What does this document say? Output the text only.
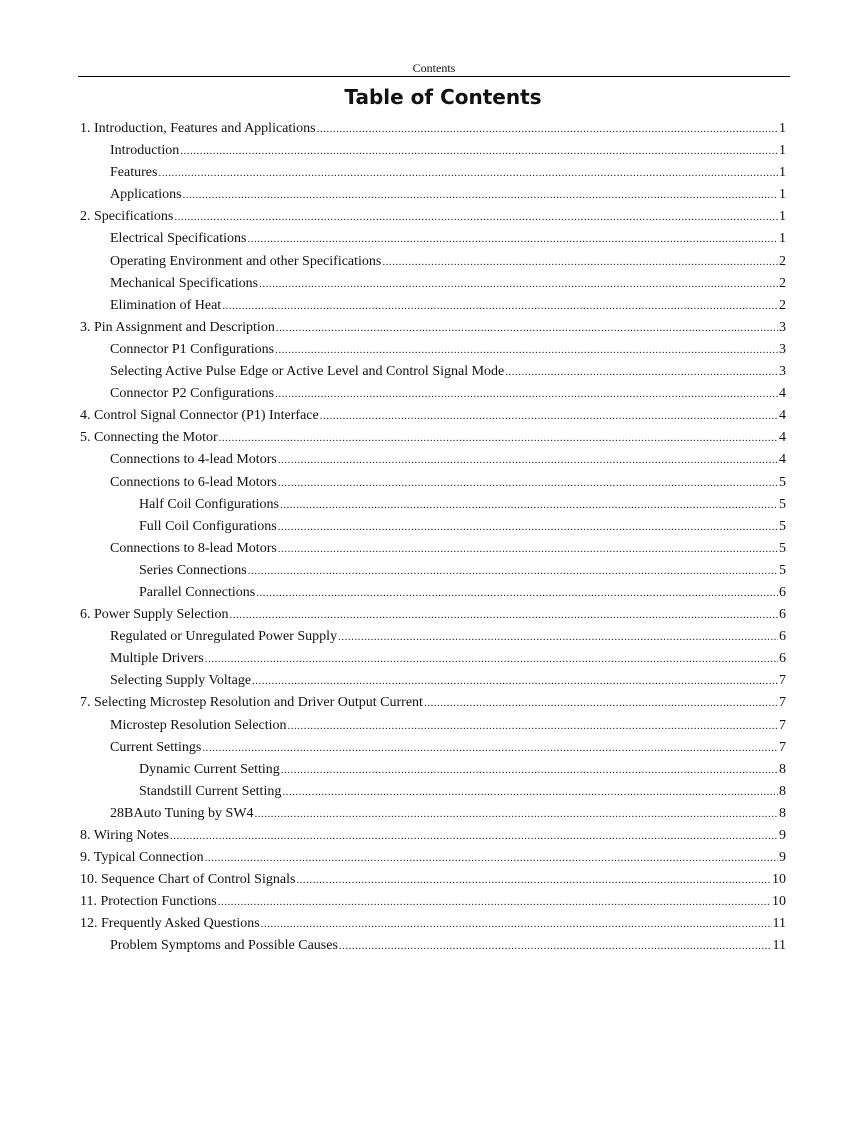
Contents
Table of Contents
1. Introduction, Features and Applications .....	1
Introduction .....	1
Features .....	1
Applications .....	1
2. Specifications .....	1
Electrical Specifications .....	1
Operating Environment and other Specifications .....	2
Mechanical Specifications .....	2
Elimination of Heat .....	2
3. Pin Assignment and Description .....	3
Connector P1 Configurations .....	3
Selecting Active Pulse Edge or Active Level and Control Signal Mode .....	3
Connector P2 Configurations .....	4
4. Control Signal Connector (P1) Interface .....	4
5. Connecting the Motor .....	4
Connections to 4-lead Motors .....	4
Connections to 6-lead Motors .....	5
Half Coil Configurations .....	5
Full Coil Configurations .....	5
Connections to 8-lead Motors .....	5
Series Connections .....	5
Parallel Connections .....	6
6. Power Supply Selection .....	6
Regulated or Unregulated Power Supply .....	6
Multiple Drivers .....	6
Selecting Supply Voltage .....	7
7. Selecting Microstep Resolution and Driver Output Current .....	7
Microstep Resolution Selection .....	7
Current Settings .....	7
Dynamic Current Setting .....	8
Standstill Current Setting .....	8
28BAuto Tuning by SW4 .....	8
8. Wiring Notes .....	9
9. Typical Connection .....	9
10. Sequence Chart of Control Signals .....	10
11. Protection Functions .....	10
12. Frequently Asked Questions .....	11
Problem Symptoms and Possible Causes .....	11
